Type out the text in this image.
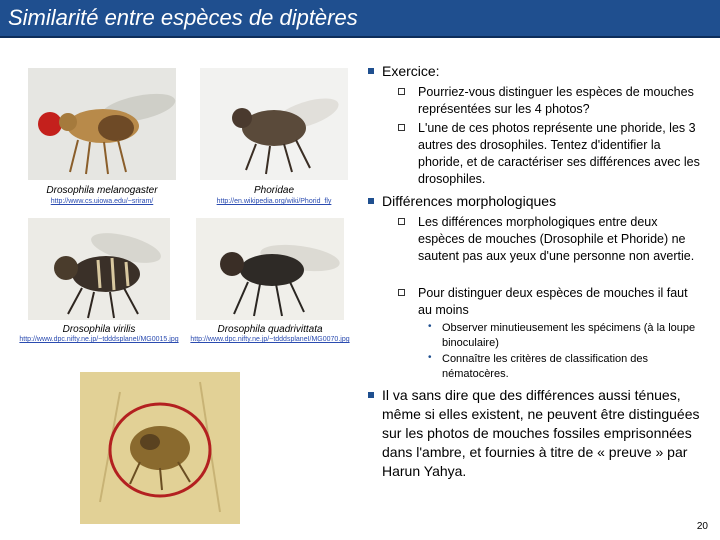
Similarité entre espèces de diptères
Drosophila melanogaster
http://www.cs.uiowa.edu/~sriram/
Phoridae
http://en.wikipedia.org/wiki/Phorid_fly
Drosophila virilis
http://www.dpc.nifty.ne.jp/~tdddsplaneI/MG0015.jpg
Drosophila quadrivittata
http://www.dpc.nifty.ne.jp/~tdddsplaneI/MG0070.jpg
Exercice:
Pourriez-vous distinguer les espèces de mouches représentées sur les 4 photos?
L'une de ces photos représente une phoride, les 3 autres des drosophiles. Tentez d'identifier la phoride, et de caractériser ses différences avec les drosophiles.
Différences morphologiques
Les différences morphologiques entre deux espèces de mouches (Drosophile et Phoride) ne sautent pas aux yeux d'une personne non avertie.
Pour distinguer deux espèces de mouches il faut au moins
• Observer minutieusement les spécimens (à la loupe binoculaire)
• Connaître les critères de classification des nématocères.
Il va sans dire que des différences aussi ténues, même si elles existent, ne peuvent être distinguées sur les photos de mouches fossiles emprisonnées dans l'ambre, et fournies à titre de « preuve » par Harun Yahya.
20
